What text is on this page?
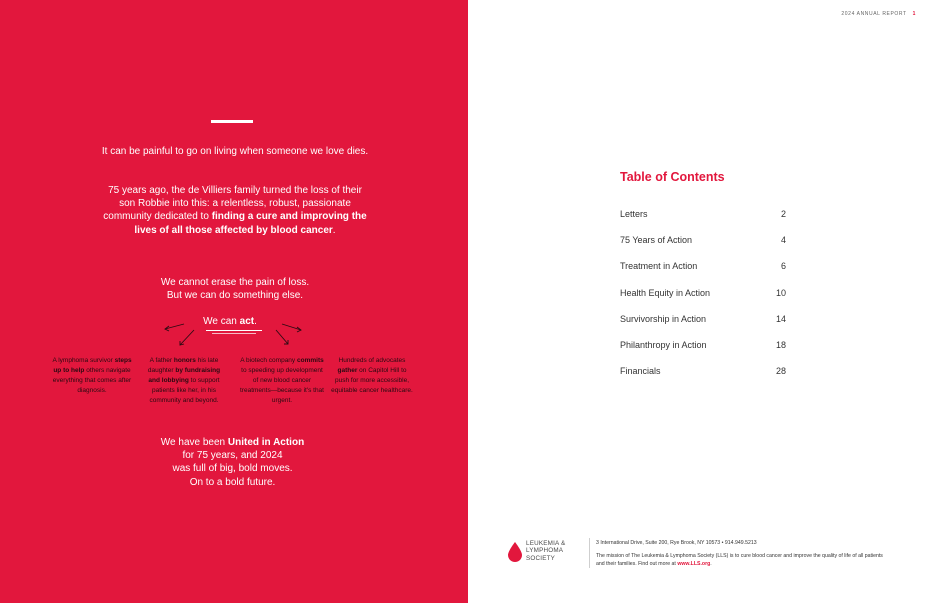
It can be painful to go on living when someone we love dies.

75 years ago, the de Villiers family turned the loss of their son Robbie into this: a relentless, robust, passionate community dedicated to finding a cure and improving the lives of all those affected by blood cancer.

We cannot erase the pain of loss.
But we can do something else.

We can act.
A lymphoma survivor steps up to help others navigate everything that comes after diagnosis.
A father honors his late daughter by fundraising and lobbying to support patients like her, in his community and beyond.
A biotech company commits to speeding up development of new blood cancer treatments—because it's that urgent.
Hundreds of advocates gather on Capitol Hill to push for more accessible, equitable cancer healthcare.

We have been United in Action
for 75 years, and 2024
was full of big, bold moves.
On to a bold future.

2024 ANNUAL REPORT 1
Table of Contents
Letters	2
75 Years of Action	4
Treatment in Action	6
Health Equity in Action	10
Survivorship in Action	14
Philanthropy in Action	18
Financials	28
LEUKEMIA &
LYMPHOMA
SOCIETY

3 International Drive, Suite 200, Rye Brook, NY 10573 • 914.949.5213

The mission of The Leukemia & Lymphoma Society (LLS) is to cure blood cancer and improve the quality of life of all patients and their families. Find out more at www.LLS.org.
